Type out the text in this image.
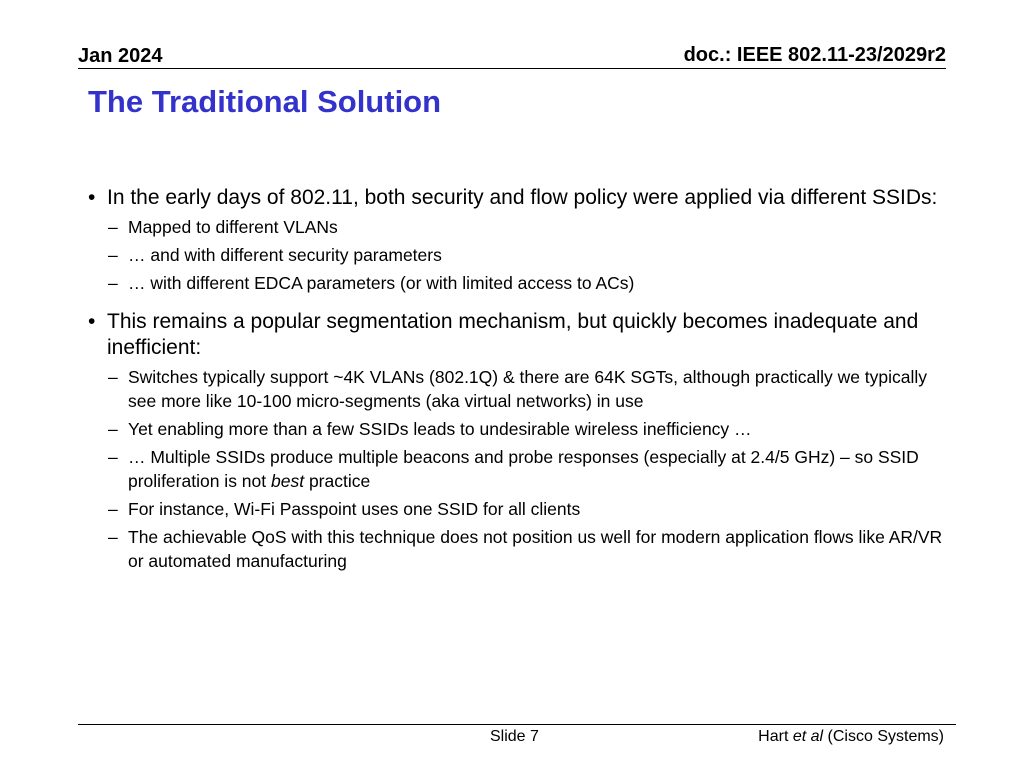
Jan 2024	doc.: IEEE 802.11-23/2029r2
The Traditional Solution
• In the early days of 802.11, both security and flow policy were applied via different SSIDs:
– Mapped to different VLANs
– … and with different security parameters
– … with different EDCA parameters (or with limited access to ACs)
• This remains a popular segmentation mechanism, but quickly becomes inadequate and inefficient:
– Switches typically support ~4K VLANs (802.1Q) & there are 64K SGTs, although practically we typically see more like 10-100 micro-segments (aka virtual networks) in use
– Yet enabling more than a few SSIDs leads to undesirable wireless inefficiency …
– … Multiple SSIDs produce multiple beacons and probe responses (especially at 2.4/5 GHz) – so SSID proliferation is not best practice
– For instance, Wi-Fi Passpoint uses one SSID for all clients
– The achievable QoS with this technique does not position us well for modern application flows like AR/VR or automated manufacturing
Slide 7	Hart et al (Cisco Systems)
